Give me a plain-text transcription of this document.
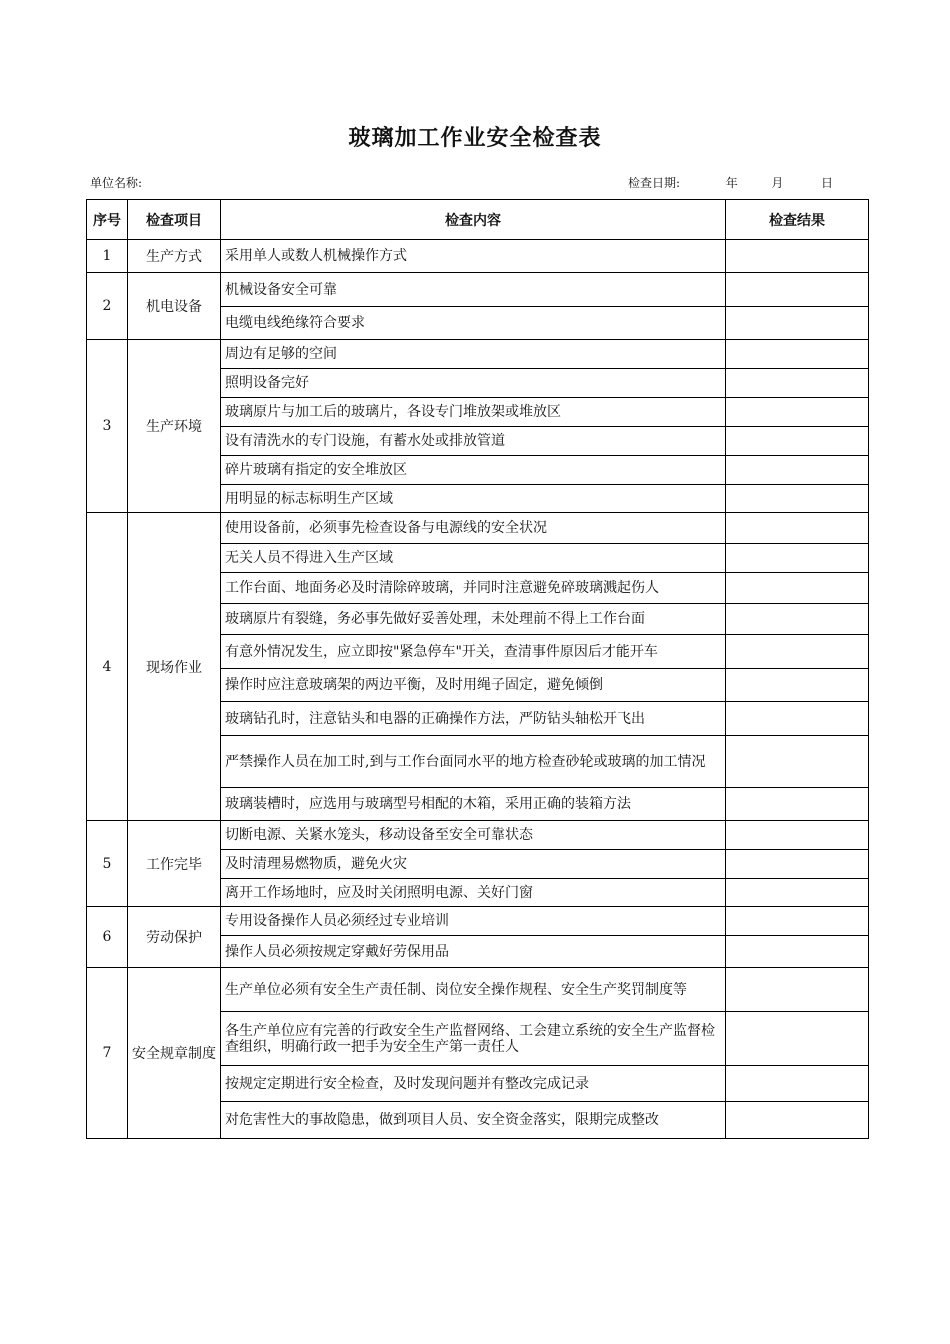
玻璃加工作业安全检查表
单位名称:	检查日期:	年	月	日
序号	检查项目	检查内容	检查结果
1	生产方式	采用单人或数人机械操作方式	
2	机电设备	机械设备安全可靠	
		电缆电线绝缘符合要求	
3	生产环境	周边有足够的空间	
		照明设备完好	
		玻璃原片与加工后的玻璃片，各设专门堆放架或堆放区	
		设有清洗水的专门设施，有蓄水处或排放管道	
		碎片玻璃有指定的安全堆放区	
		用明显的标志标明生产区域	
4	现场作业	使用设备前，必须事先检查设备与电源线的安全状况	
		无关人员不得进入生产区域	
		工作台面、地面务必及时清除碎玻璃，并同时注意避免碎玻璃溅起伤人	
		玻璃原片有裂缝，务必事先做好妥善处理，未处理前不得上工作台面	
		有意外情况发生，应立即按"紧急停车"开关，查清事件原因后才能开车	
		操作时应注意玻璃架的两边平衡，及时用绳子固定，避免倾倒	
		玻璃钻孔时，注意钻头和电器的正确操作方法，严防钻头轴松开飞出	
		严禁操作人员在加工时,到与工作台面同水平的地方检查砂轮或玻璃的加工情况	
		玻璃装槽时，应选用与玻璃型号相配的木箱，采用正确的装箱方法	
5	工作完毕	切断电源、关紧水笼头，移动设备至安全可靠状态	
		及时清理易燃物质，避免火灾	
		离开工作场地时，应及时关闭照明电源、关好门窗	
6	劳动保护	专用设备操作人员必须经过专业培训	
		操作人员必须按规定穿戴好劳保用品	
7	安全规章制度	生产单位必须有安全生产责任制、岗位安全操作规程、安全生产奖罚制度等	
		各生产单位应有完善的行政安全生产监督网络、工会建立系统的安全生产监督检查组织，明确行政一把手为安全生产第一责任人	
		按规定定期进行安全检查，及时发现问题并有整改完成记录	
		对危害性大的事故隐患，做到项目人员、安全资金落实，限期完成整改	
